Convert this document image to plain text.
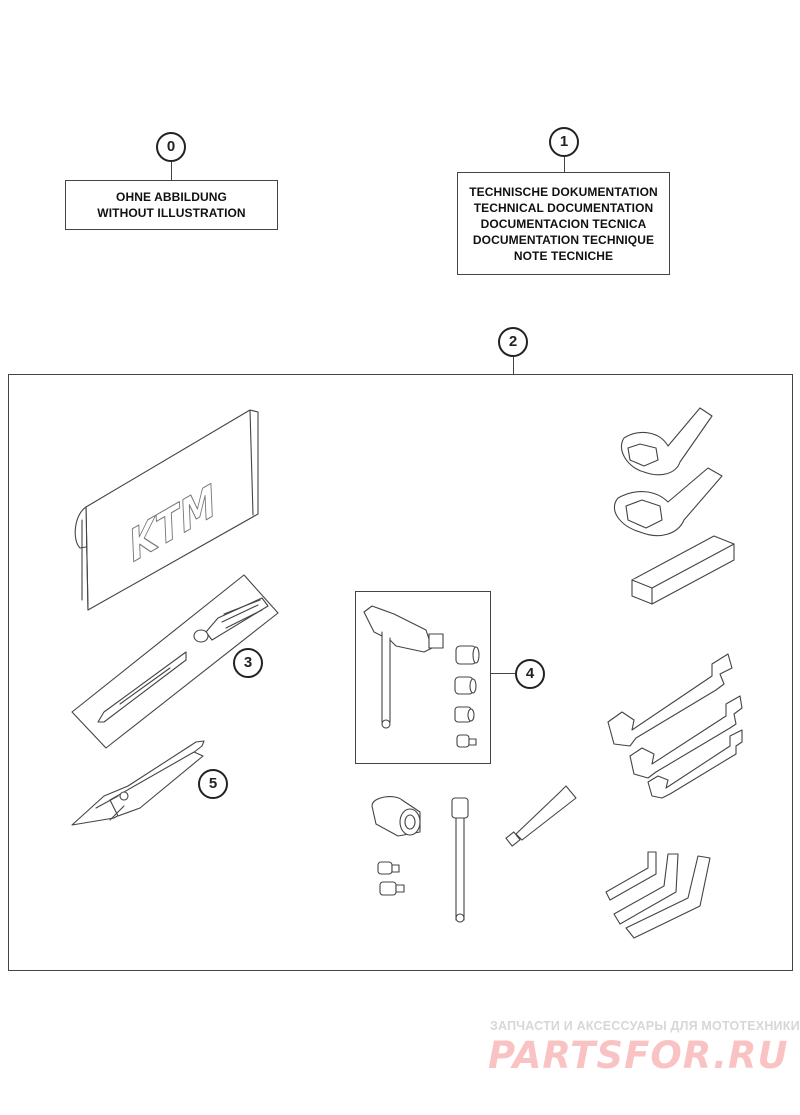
0
OHNE ABBILDUNG
WITHOUT ILLUSTRATION
1
TECHNISCHE DOKUMENTATION
TECHNICAL DOCUMENTATION
DOCUMENTACION TECNICA
DOCUMENTATION TECHNIQUE
NOTE TECNICHE
2
KTM
3
4
5
ЗАПЧАСТИ И АКСЕССУАРЫ ДЛЯ МОТОТЕХНИКИ
PARTSFOR.RU
